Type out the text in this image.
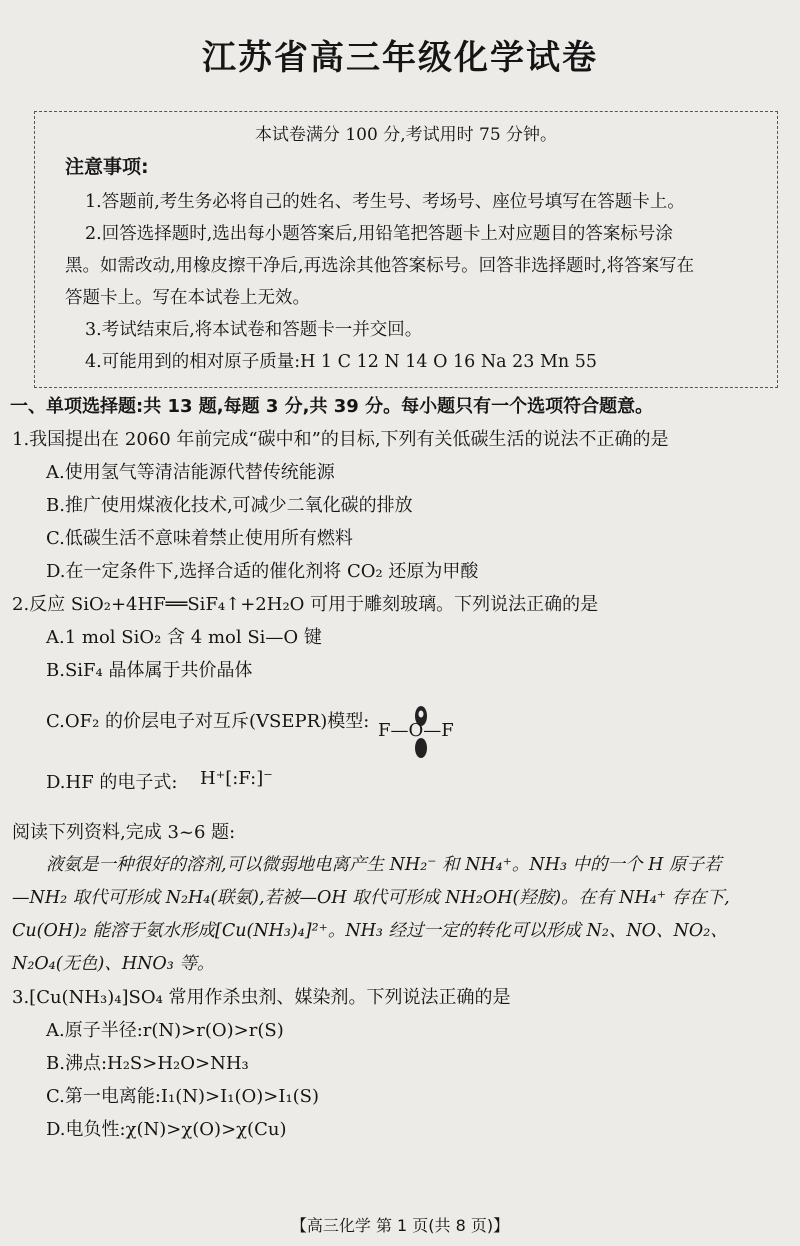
江苏省高三年级化学试卷
本试卷满分 100 分,考试用时 75 分钟。
注意事项:
1.答题前,考生务必将自己的姓名、考生号、考场号、座位号填写在答题卡上。
2.回答选择题时,选出每小题答案后,用铅笔把答题卡上对应题目的答案标号涂
黑。如需改动,用橡皮擦干净后,再选涂其他答案标号。回答非选择题时,将答案写在
答题卡上。写在本试卷上无效。
3.考试结束后,将本试卷和答题卡一并交回。
4.可能用到的相对原子质量:H 1 C 12 N 14 O 16 Na 23 Mn 55
一、单项选择题:共 13 题,每题 3 分,共 39 分。每小题只有一个选项符合题意。
1.我国提出在 2060 年前完成“碳中和”的目标,下列有关低碳生活的说法不正确的是
A.使用氢气等清洁能源代替传统能源
B.推广使用煤液化技术,可减少二氧化碳的排放
C.低碳生活不意味着禁止使用所有燃料
D.在一定条件下,选择合适的催化剂将 CO₂ 还原为甲酸
2.反应 SiO₂+4HF══SiF₄↑+2H₂O 可用于雕刻玻璃。下列说法正确的是
A.1 mol SiO₂ 含 4 mol Si—O 键
B.SiF₄ 晶体属于共价晶体
C.OF₂ 的价层电子对互斥(VSEPR)模型: F—O—F
D.HF 的电子式: H⁺[:F:]⁻
阅读下列资料,完成 3~6 题:
液氨是一种很好的溶剂,可以微弱地电离产生 NH₂⁻ 和 NH₄⁺。NH₃ 中的一个 H 原子若
—NH₂ 取代可形成 N₂H₄(联氨),若被—OH 取代可形成 NH₂OH(羟胺)。在有 NH₄⁺ 存在下,
Cu(OH)₂ 能溶于氨水形成[Cu(NH₃)₄]²⁺。NH₃ 经过一定的转化可以形成 N₂、NO、NO₂、
N₂O₄(无色)、HNO₃ 等。
3.[Cu(NH₃)₄]SO₄ 常用作杀虫剂、媒染剂。下列说法正确的是
A.原子半径:r(N)>r(O)>r(S)
B.沸点:H₂S>H₂O>NH₃
C.第一电离能:I₁(N)>I₁(O)>I₁(S)
D.电负性:χ(N)>χ(O)>χ(Cu)
【高三化学 第 1 页(共 8 页)】
